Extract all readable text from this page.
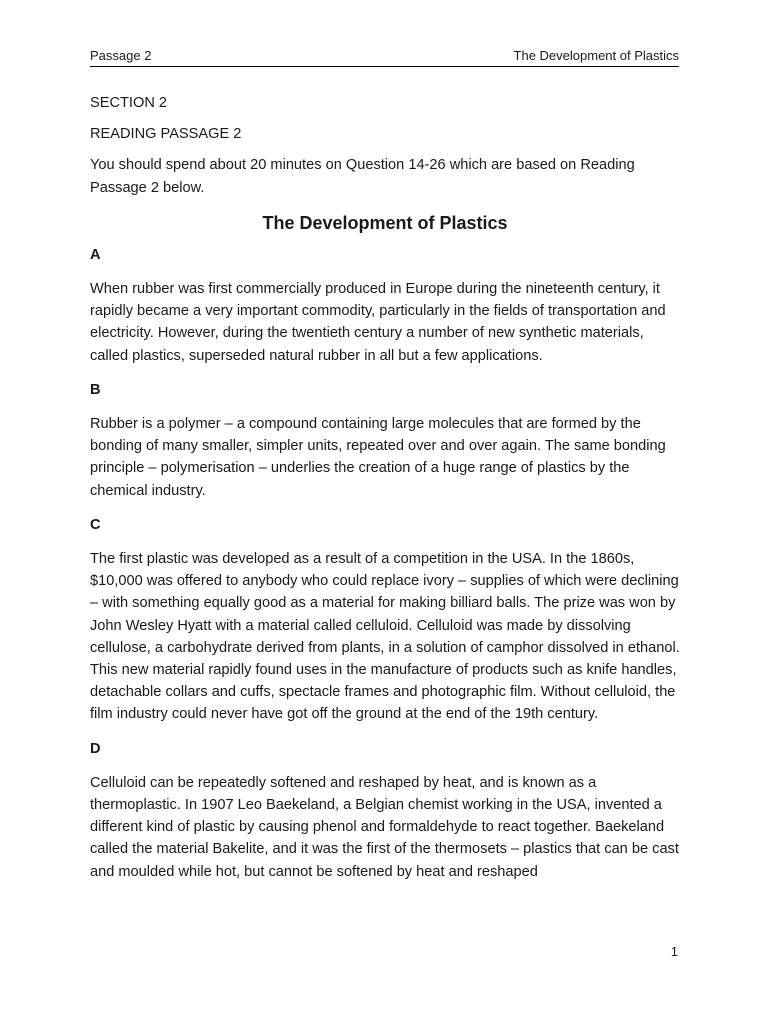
Passage 2	The Development of Plastics

SECTION 2

READING PASSAGE 2

You should spend about 20 minutes on Question 14-26 which are based on Reading Passage 2 below.

The Development of Plastics

A

When rubber was first commercially produced in Europe during the nineteenth century, it rapidly became a very important commodity, particularly in the fields of transportation and electricity. However, during the twentieth century a number of new synthetic materials, called plastics, superseded natural rubber in all but a few applications.

B

Rubber is a polymer – a compound containing large molecules that are formed by the bonding of many smaller, simpler units, repeated over and over again. The same bonding principle – polymerisation – underlies the creation of a huge range of plastics by the chemical industry.

C

The first plastic was developed as a result of a competition in the USA. In the 1860s, $10,000 was offered to anybody who could replace ivory – supplies of which were declining – with something equally good as a material for making billiard balls. The prize was won by John Wesley Hyatt with a material called celluloid. Celluloid was made by dissolving cellulose, a carbohydrate derived from plants, in a solution of camphor dissolved in ethanol. This new material rapidly found uses in the manufacture of products such as knife handles, detachable collars and cuffs, spectacle frames and photographic film. Without celluloid, the film industry could never have got off the ground at the end of the 19th century.

D

Celluloid can be repeatedly softened and reshaped by heat, and is known as a thermoplastic. In 1907 Leo Baekeland, a Belgian chemist working in the USA, invented a different kind of plastic by causing phenol and formaldehyde to react together. Baekeland called the material Bakelite, and it was the first of the thermosets – plastics that can be cast and moulded while hot, but cannot be softened by heat and reshaped

1
